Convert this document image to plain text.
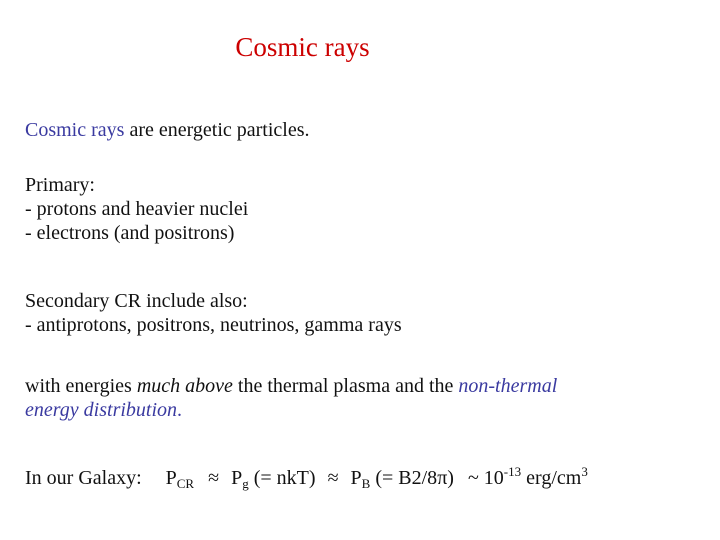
Cosmic rays
Cosmic rays are energetic particles.
Primary:
- protons and heavier nuclei
- electrons (and positrons)
Secondary CR include also:
- antiprotons, positrons, neutrinos, gamma rays
with energies much above the thermal plasma and the non-thermal
energy distribution.
In our Galaxy: $P_{CR} \approx P_g$ (= $nkT) \approx P_B$ (= B2/8π) ~ $10^{-13}$ erg/$cm^3$
